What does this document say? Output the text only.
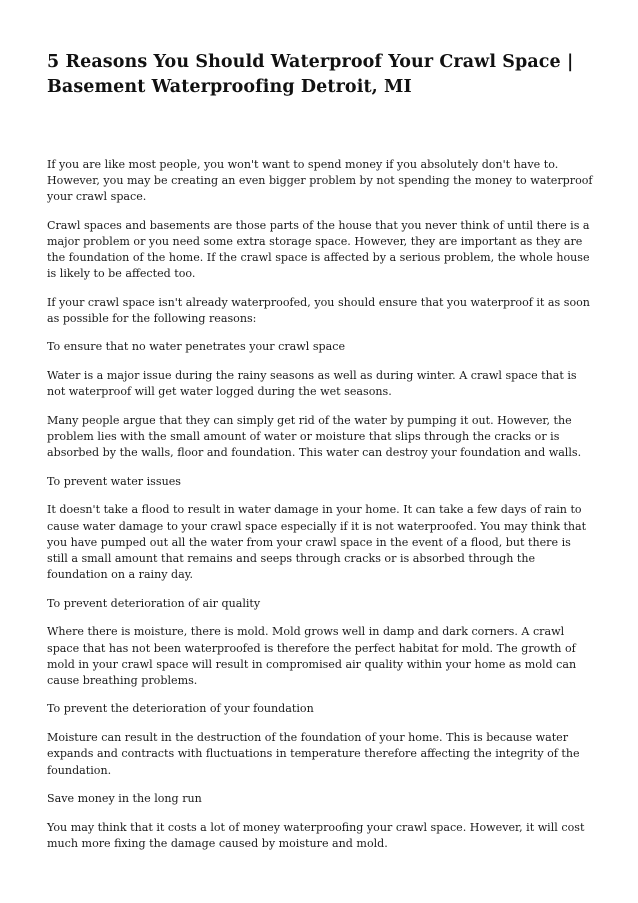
5 Reasons You Should Waterproof Your Crawl Space | Basement Waterproofing Detroit, MI

If you are like most people, you won't want to spend money if you absolutely don't have to. However, you may be creating an even bigger problem by not spending the money to waterproof your crawl space.

Crawl spaces and basements are those parts of the house that you never think of until there is a major problem or you need some extra storage space. However, they are important as they are the foundation of the home. If the crawl space is affected by a serious problem, the whole house is likely to be affected too.

If your crawl space isn't already waterproofed, you should ensure that you waterproof it as soon as possible for the following reasons:

To ensure that no water penetrates your crawl space

Water is a major issue during the rainy seasons as well as during winter. A crawl space that is not waterproof will get water logged during the wet seasons.

Many people argue that they can simply get rid of the water by pumping it out. However, the problem lies with the small amount of water or moisture that slips through the cracks or is absorbed by the walls, floor and foundation. This water can destroy your foundation and walls.

To prevent water issues

It doesn't take a flood to result in water damage in your home. It can take a few days of rain to cause water damage to your crawl space especially if it is not waterproofed. You may think that you have pumped out all the water from your crawl space in the event of a flood, but there is still a small amount that remains and seeps through cracks or is absorbed through the foundation on a rainy day.

To prevent deterioration of air quality

Where there is moisture, there is mold. Mold grows well in damp and dark corners. A crawl space that has not been waterproofed is therefore the perfect habitat for mold. The growth of mold in your crawl space will result in compromised air quality within your home as mold can cause breathing problems.

To prevent the deterioration of your foundation

Moisture can result in the destruction of the foundation of your home. This is because water expands and contracts with fluctuations in temperature therefore affecting the integrity of the foundation.

Save money in the long run

You may think that it costs a lot of money waterproofing your crawl space. However, it will cost much more fixing the damage caused by moisture and mold.
